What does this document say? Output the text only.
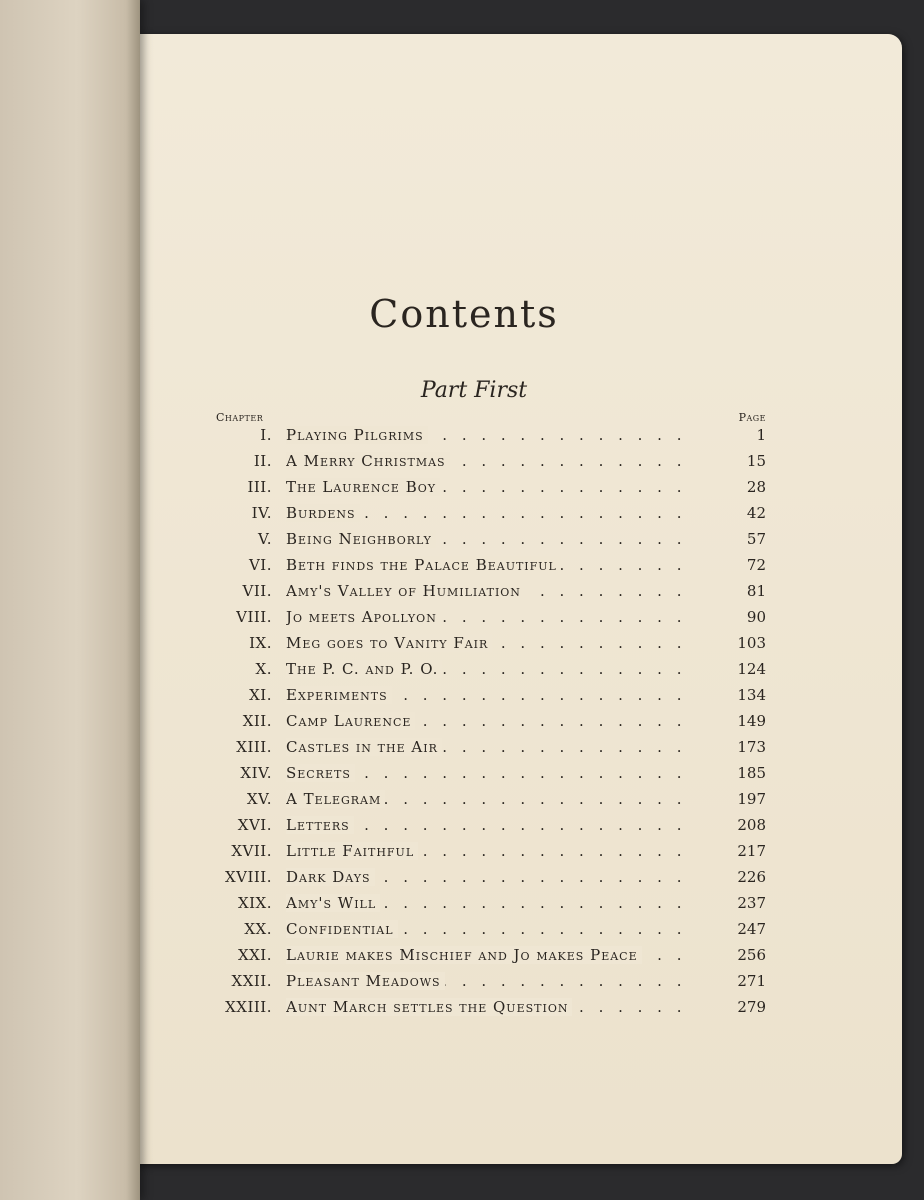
Contents
Part First
Chapter	Page
I. Playing Pilgrims . . .	1
II. A Merry Christmas . . .	15
III. The Laurence Boy . . .	28
IV. Burdens . . .	42
V. Being Neighborly . . .	57
VI. Beth finds the Palace Beautiful . . .	72
VII. Amy's Valley of Humiliation . . .	81
VIII. Jo meets Apollyon . . .	90
IX. Meg goes to Vanity Fair . . .	103
X. The P. C. and P. O. . . .	124
XI. Experiments . . .	134
XII. Camp Laurence . . .	149
XIII. Castles in the Air . . .	173
XIV. Secrets . . .	185
XV. A Telegram . . .	197
XVI. Letters . . .	208
XVII. Little Faithful . . .	217
XVIII. Dark Days . . .	226
XIX. Amy's Will . . .	237
XX. Confidential . . .	247
XXI. Laurie makes Mischief and Jo makes Peace . . .	256
XXII. Pleasant Meadows . . .	271
XXIII. Aunt March settles the Question . . .	279
